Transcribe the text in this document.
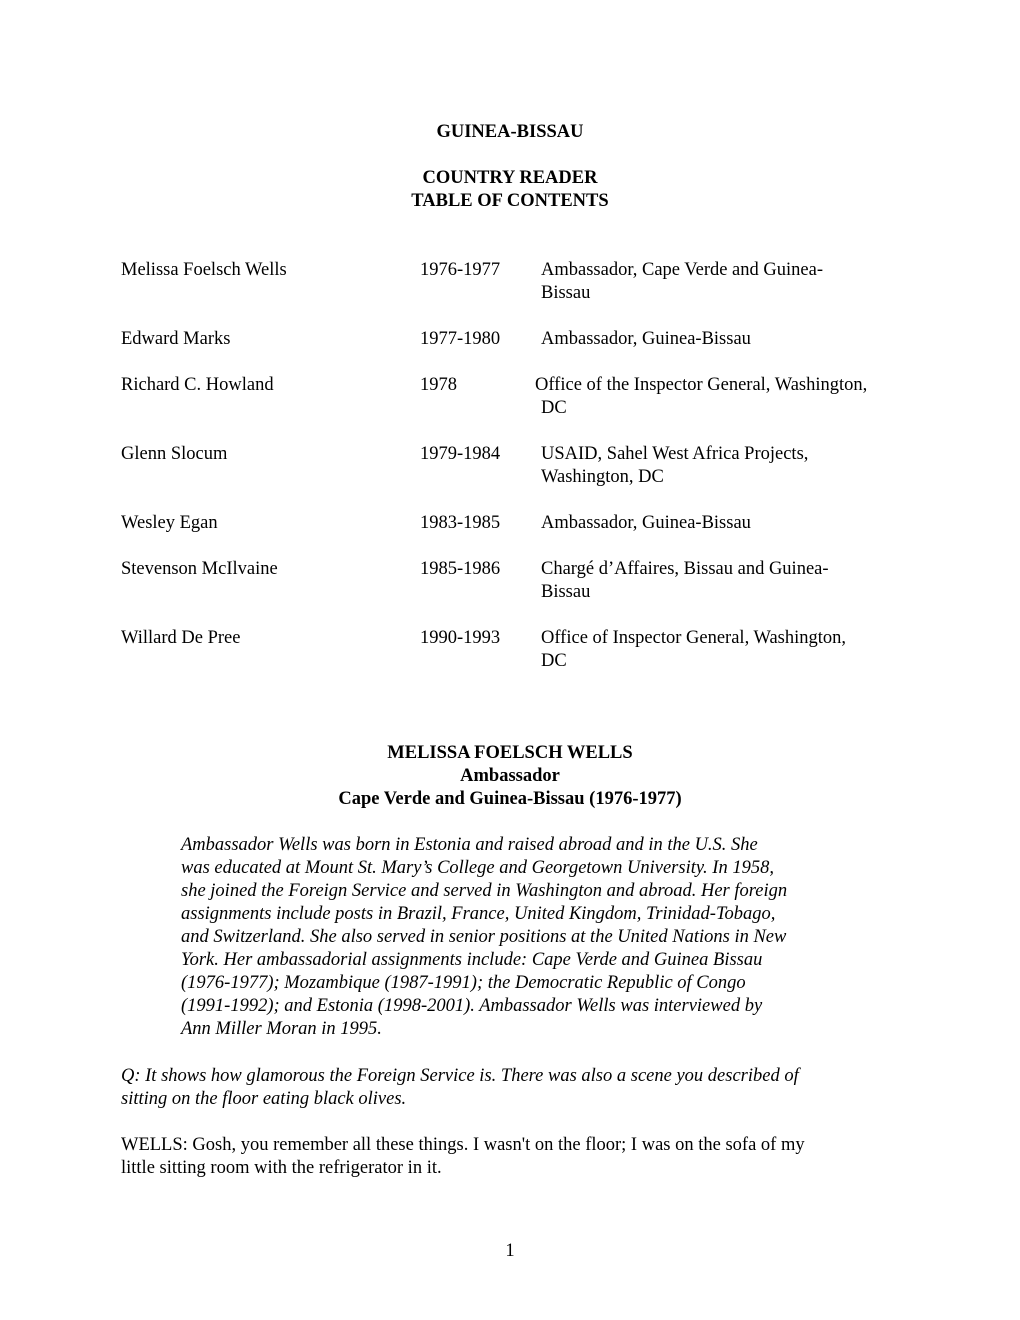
GUINEA-BISSAU
COUNTRY READER
TABLE OF CONTENTS
Melissa Foelsch Wells	1976-1977 Ambassador, Cape Verde and Guinea-
Bissau
Edward Marks	1977-1980 Ambassador, Guinea-Bissau
Richard C. Howland	1978	Office of the Inspector General, Washington,
DC
Glenn Slocum	1979-1984 USAID, Sahel West Africa Projects,
Washington, DC
Wesley Egan	1983-1985 Ambassador, Guinea-Bissau
Stevenson McIlvaine	1985-1986 Chargé d’Affaires, Bissau and Guinea-
Bissau
Willard De Pree	1990-1993 Office of Inspector General, Washington,
DC
MELISSA FOELSCH WELLS
Ambassador
Cape Verde and Guinea-Bissau (1976-1977)
Ambassador Wells was born in Estonia and raised abroad and in the U.S. She
was educated at Mount St. Mary’s College and Georgetown University. In 1958,
she joined the Foreign Service and served in Washington and abroad. Her foreign
assignments include posts in Brazil, France, United Kingdom, Trinidad-Tobago,
and Switzerland. She also served in senior positions at the United Nations in New
York. Her ambassadorial assignments include: Cape Verde and Guinea Bissau
(1976-1977); Mozambique (1987-1991); the Democratic Republic of Congo
(1991-1992); and Estonia (1998-2001). Ambassador Wells was interviewed by
Ann Miller Moran in 1995.
Q: It shows how glamorous the Foreign Service is. There was also a scene you described of
sitting on the floor eating black olives.
WELLS: Gosh, you remember all these things. I wasn't on the floor; I was on the sofa of my
little sitting room with the refrigerator in it.
1
